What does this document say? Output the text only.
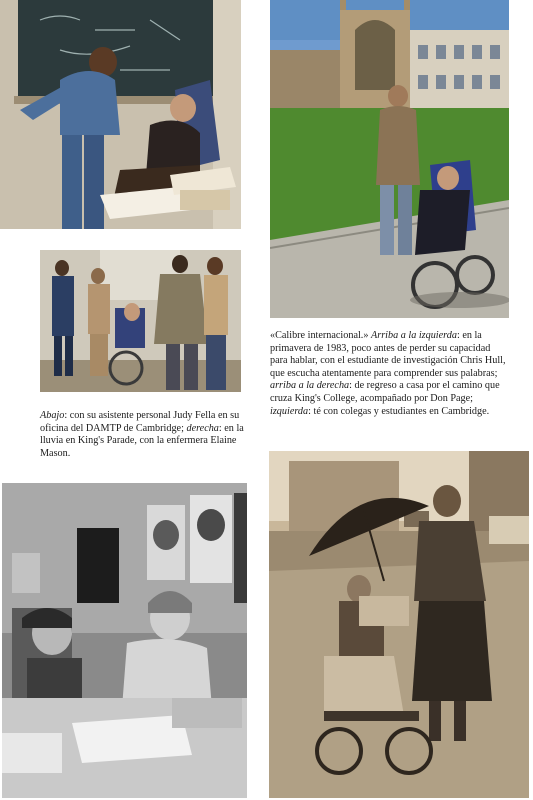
«Calibre internacional.» Arriba a la izquierda: en la primavera de 1983, poco antes de perder su capacidad para hablar, con el estudiante de investigación Chris Hull, que escucha atentamente para comprender sus palabras; arriba a la derecha: de regreso a casa por el camino que cruza King's College, acompañado por Don Page; izquierda: té con colegas y estudiantes en Cambridge.
Abajo: con su asistente personal Judy Fella en su oficina del DAMTP de Cambridge; derecha: en la lluvia en King's Parade, con la enfermera Elaine Mason.
